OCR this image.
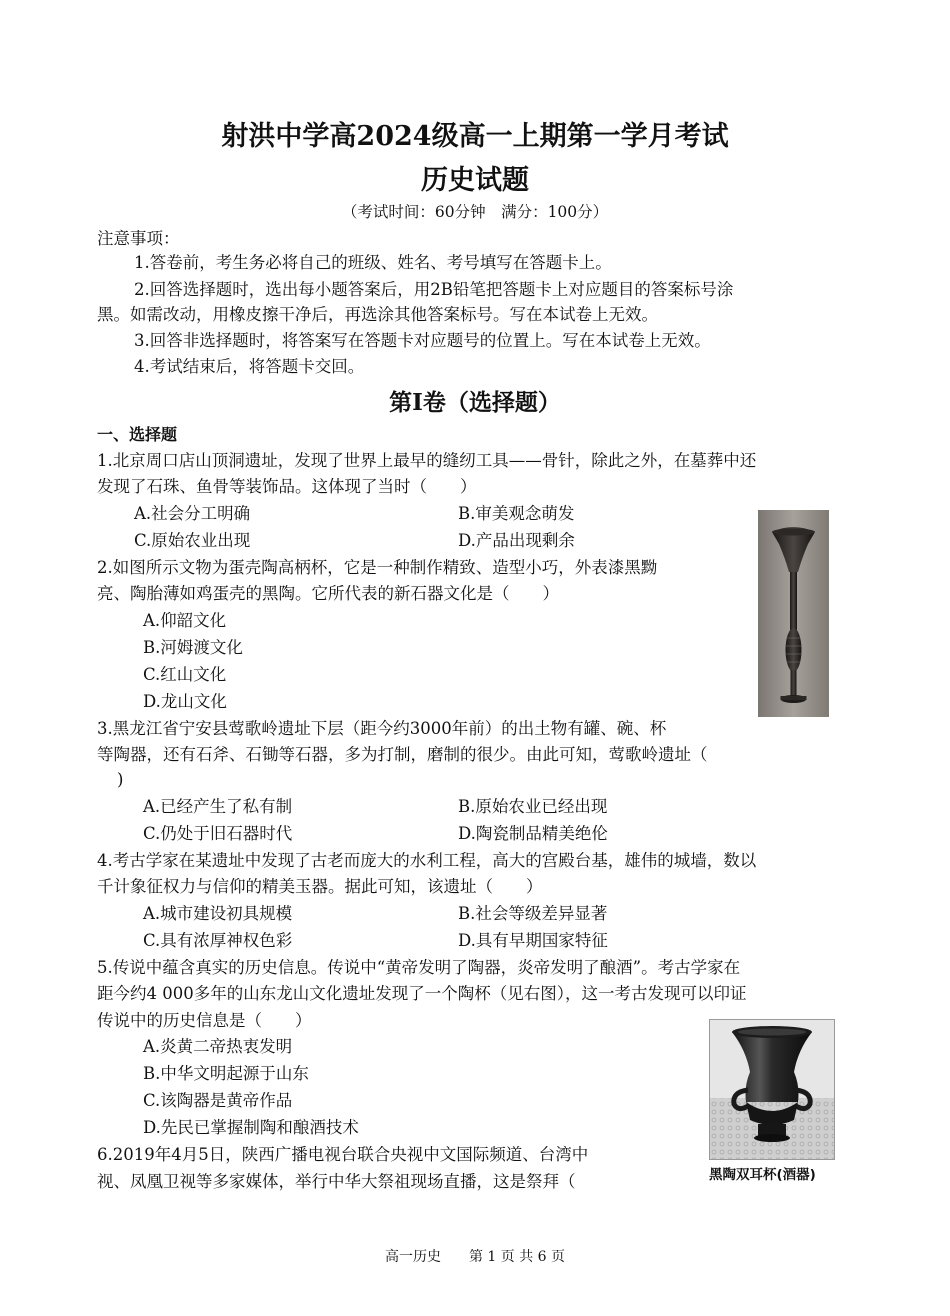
射洪中学高2024级高一上期第一学月考试
历史试题
（考试时间：60分钟　满分：100分）
注意事项：
1.答卷前，考生务必将自己的班级、姓名、考号填写在答题卡上。
2.回答选择题时，选出每小题答案后，用2B铅笔把答题卡上对应题目的答案标号涂
黑。如需改动，用橡皮擦干净后，再选涂其他答案标号。写在本试卷上无效。
3.回答非选择题时，将答案写在答题卡对应题号的位置上。写在本试卷上无效。
4.考试结束后，将答题卡交回。
第I卷（选择题）
一、选择题
1.北京周口店山顶洞遗址，发现了世界上最早的缝纫工具——骨针，除此之外，在墓葬中还
发现了石珠、鱼骨等装饰品。这体现了当时（　　）
A.社会分工明确	B.审美观念萌发
C.原始农业出现	D.产品出现剩余
2.如图所示文物为蛋壳陶高柄杯，它是一种制作精致、造型小巧，外表漆黑黝
亮、陶胎薄如鸡蛋壳的黑陶。它所代表的新石器文化是（　　）
A.仰韶文化
B.河姆渡文化
C.红山文化
D.龙山文化
3.黑龙江省宁安县莺歌岭遗址下层（距今约3000年前）的出土物有罐、碗、杯
等陶器，还有石斧、石锄等石器，多为打制，磨制的很少。由此可知，莺歌岭遗址（
)
A.已经产生了私有制	B.原始农业已经出现
C.仍处于旧石器时代	D.陶瓷制品精美绝伦
4.考古学家在某遗址中发现了古老而庞大的水利工程，高大的宫殿台基，雄伟的城墙，数以
千计象征权力与信仰的精美玉器。据此可知，该遗址（　　）
A.城市建设初具规模	B.社会等级差异显著
C.具有浓厚神权色彩	D.具有早期国家特征
5.传说中蕴含真实的历史信息。传说中“黄帝发明了陶器，炎帝发明了酿酒”。考古学家在
距今约4 000多年的山东龙山文化遗址发现了一个陶杯（见右图），这一考古发现可以印证
传说中的历史信息是（　　）
A.炎黄二帝热衷发明
B.中华文明起源于山东
C.该陶器是黄帝作品
D.先民已掌握制陶和酿酒技术
黑陶双耳杯(酒器)
6.2019年4月5日，陕西广播电视台联合央视中文国际频道、台湾中
视、凤凰卫视等多家媒体，举行中华大祭祖现场直播，这是祭拜（
高一历史　　第 1 页 共 6 页
